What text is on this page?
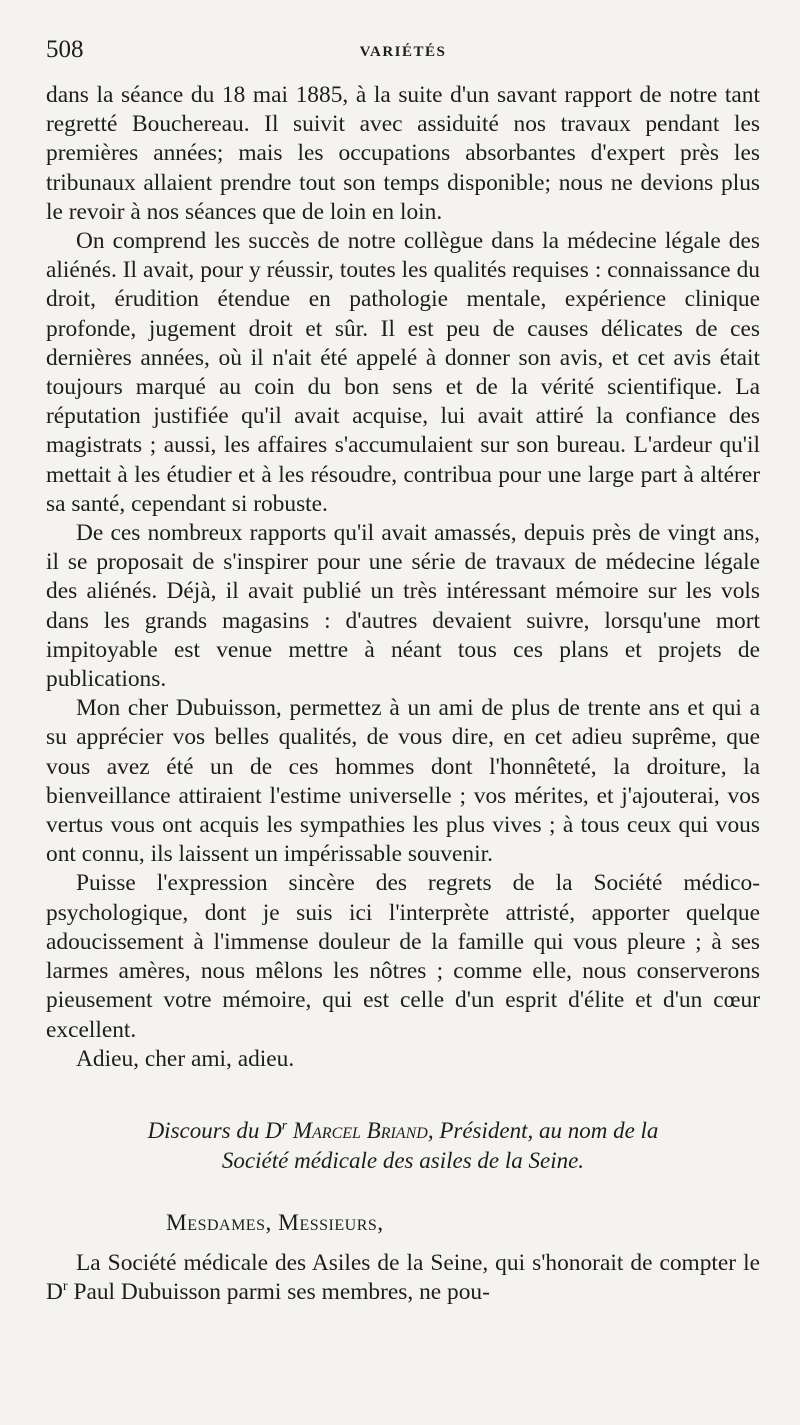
508	VARIÉTÉS

dans la séance du 18 mai 1885, à la suite d'un savant rapport de notre tant regretté Bouchereau. Il suivit avec assiduité nos travaux pendant les premières années; mais les occupations absorbantes d'expert près les tribunaux allaient prendre tout son temps disponible; nous ne devions plus le revoir à nos séances que de loin en loin.

On comprend les succès de notre collègue dans la médecine légale des aliénés. Il avait, pour y réussir, toutes les qualités requises : connaissance du droit, érudition étendue en pathologie mentale, expérience clinique profonde, jugement droit et sûr. Il est peu de causes délicates de ces dernières années, où il n'ait été appelé à donner son avis, et cet avis était toujours marqué au coin du bon sens et de la vérité scientifique. La réputation justifiée qu'il avait acquise, lui avait attiré la confiance des magistrats ; aussi, les affaires s'accumulaient sur son bureau. L'ardeur qu'il mettait à les étudier et à les résoudre, contribua pour une large part à altérer sa santé, cependant si robuste.

De ces nombreux rapports qu'il avait amassés, depuis près de vingt ans, il se proposait de s'inspirer pour une série de travaux de médecine légale des aliénés. Déjà, il avait publié un très intéressant mémoire sur les vols dans les grands magasins : d'autres devaient suivre, lorsqu'une mort impitoyable est venue mettre à néant tous ces plans et projets de publications.

Mon cher Dubuisson, permettez à un ami de plus de trente ans et qui a su apprécier vos belles qualités, de vous dire, en cet adieu suprême, que vous avez été un de ces hommes dont l'honnêteté, la droiture, la bienveillance attiraient l'estime universelle ; vos mérites, et j'ajouterai, vos vertus vous ont acquis les sympathies les plus vives ; à tous ceux qui vous ont connu, ils laissent un impérissable souvenir.

Puisse l'expression sincère des regrets de la Société médico-psychologique, dont je suis ici l'interprète attristé, apporter quelque adoucissement à l'immense douleur de la famille qui vous pleure ; à ses larmes amères, nous mêlons les nôtres ; comme elle, nous conserverons pieusement votre mémoire, qui est celle d'un esprit d'élite et d'un cœur excellent.

Adieu, cher ami, adieu.

Discours du $D^r$ Marcel Briand, Président, au nom de la
Société médicale des asiles de la Seine.
Mesdames, Messieurs,

La Société médicale des Asiles de la Seine, qui s'honorait de compter le $D^r$ Paul Dubuisson parmi ses membres, ne pou-
